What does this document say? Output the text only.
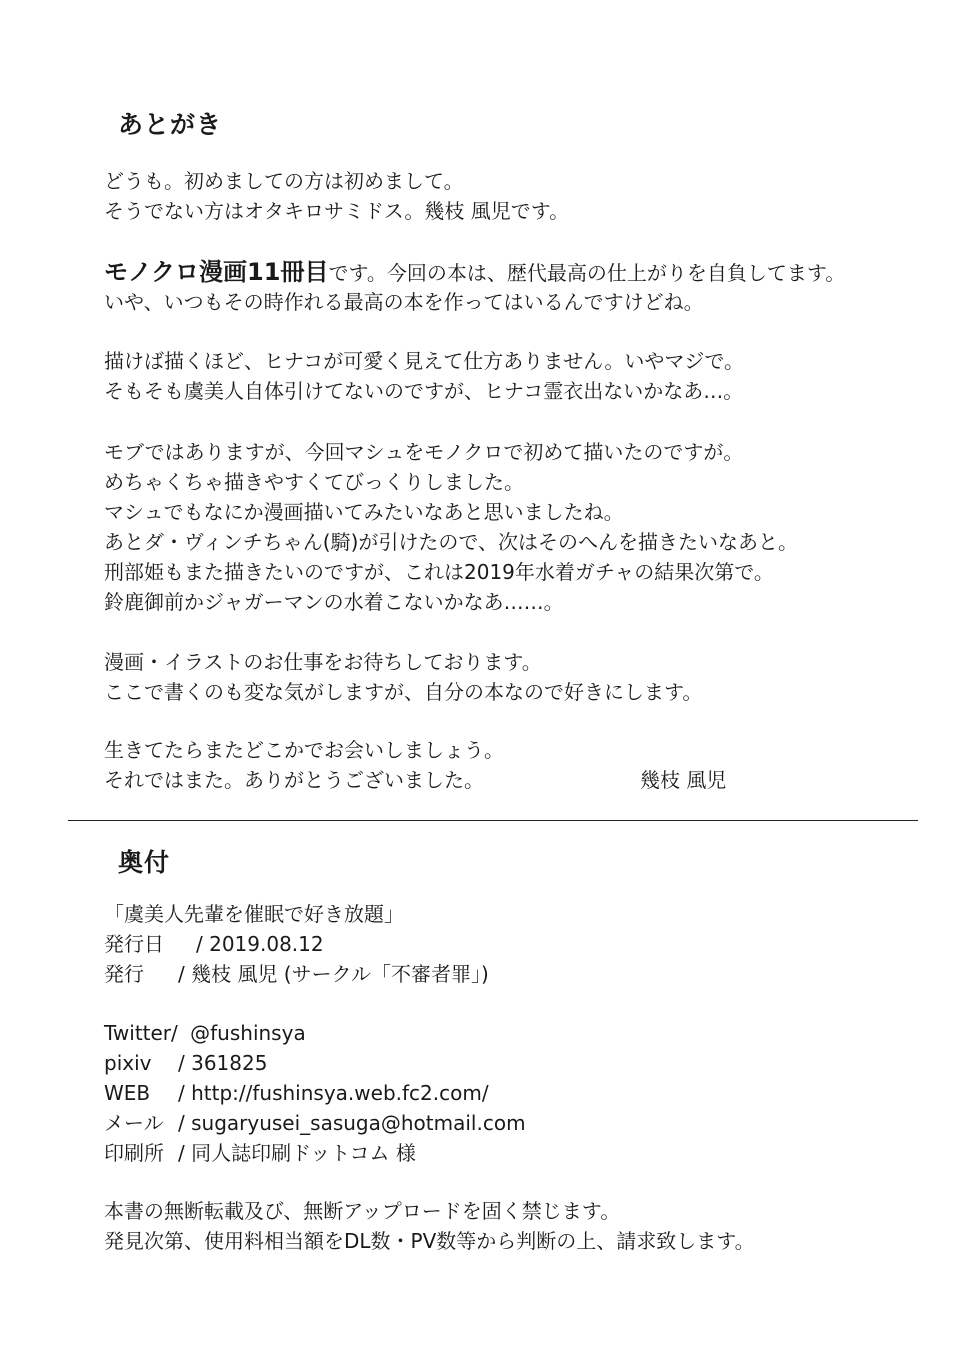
あとがき
どうも。初めましての方は初めまして。
そうでない方はオタキロサミドス。幾枝 風児です。
モノクロ漫画11冊目です。今回の本は、歴代最高の仕上がりを自負してます。
いや、いつもその時作れる最高の本を作ってはいるんですけどね。
描けば描くほど、ヒナコが可愛く見えて仕方ありません。いやマジで。
そもそも虞美人自体引けてないのですが、ヒナコ霊衣出ないかなあ…。
モブではありますが、今回マシュをモノクロで初めて描いたのですが。
めちゃくちゃ描きやすくてびっくりしました。
マシュでもなにか漫画描いてみたいなあと思いましたね。
あとダ・ヴィンチちゃん(騎)が引けたので、次はそのへんを描きたいなあと。
刑部姫もまた描きたいのですが、これは2019年水着ガチャの結果次第で。
鈴鹿御前かジャガーマンの水着こないかなあ……。
漫画・イラストのお仕事をお待ちしております。
ここで書くのも変な気がしますが、自分の本なので好きにします。
生きてたらまたどこかでお会いしましょう。
それではまた。ありがとうございました。	幾枝 風児
奥付
「虞美人先輩を催眠で好き放題」
発行日 / 2019.08.12
発行 / 幾枝 風児 (サークル「不審者罪」)
Twitter/ @fushinsya
pixiv / 361825
WEB / http://fushinsya.web.fc2.com/
メール / sugaryusei_sasuga@hotmail.com
印刷所 / 同人誌印刷ドットコム 様
本書の無断転載及び、無断アップロードを固く禁じます。
発見次第、使用料相当額をDL数・PV数等から判断の上、請求致します。
